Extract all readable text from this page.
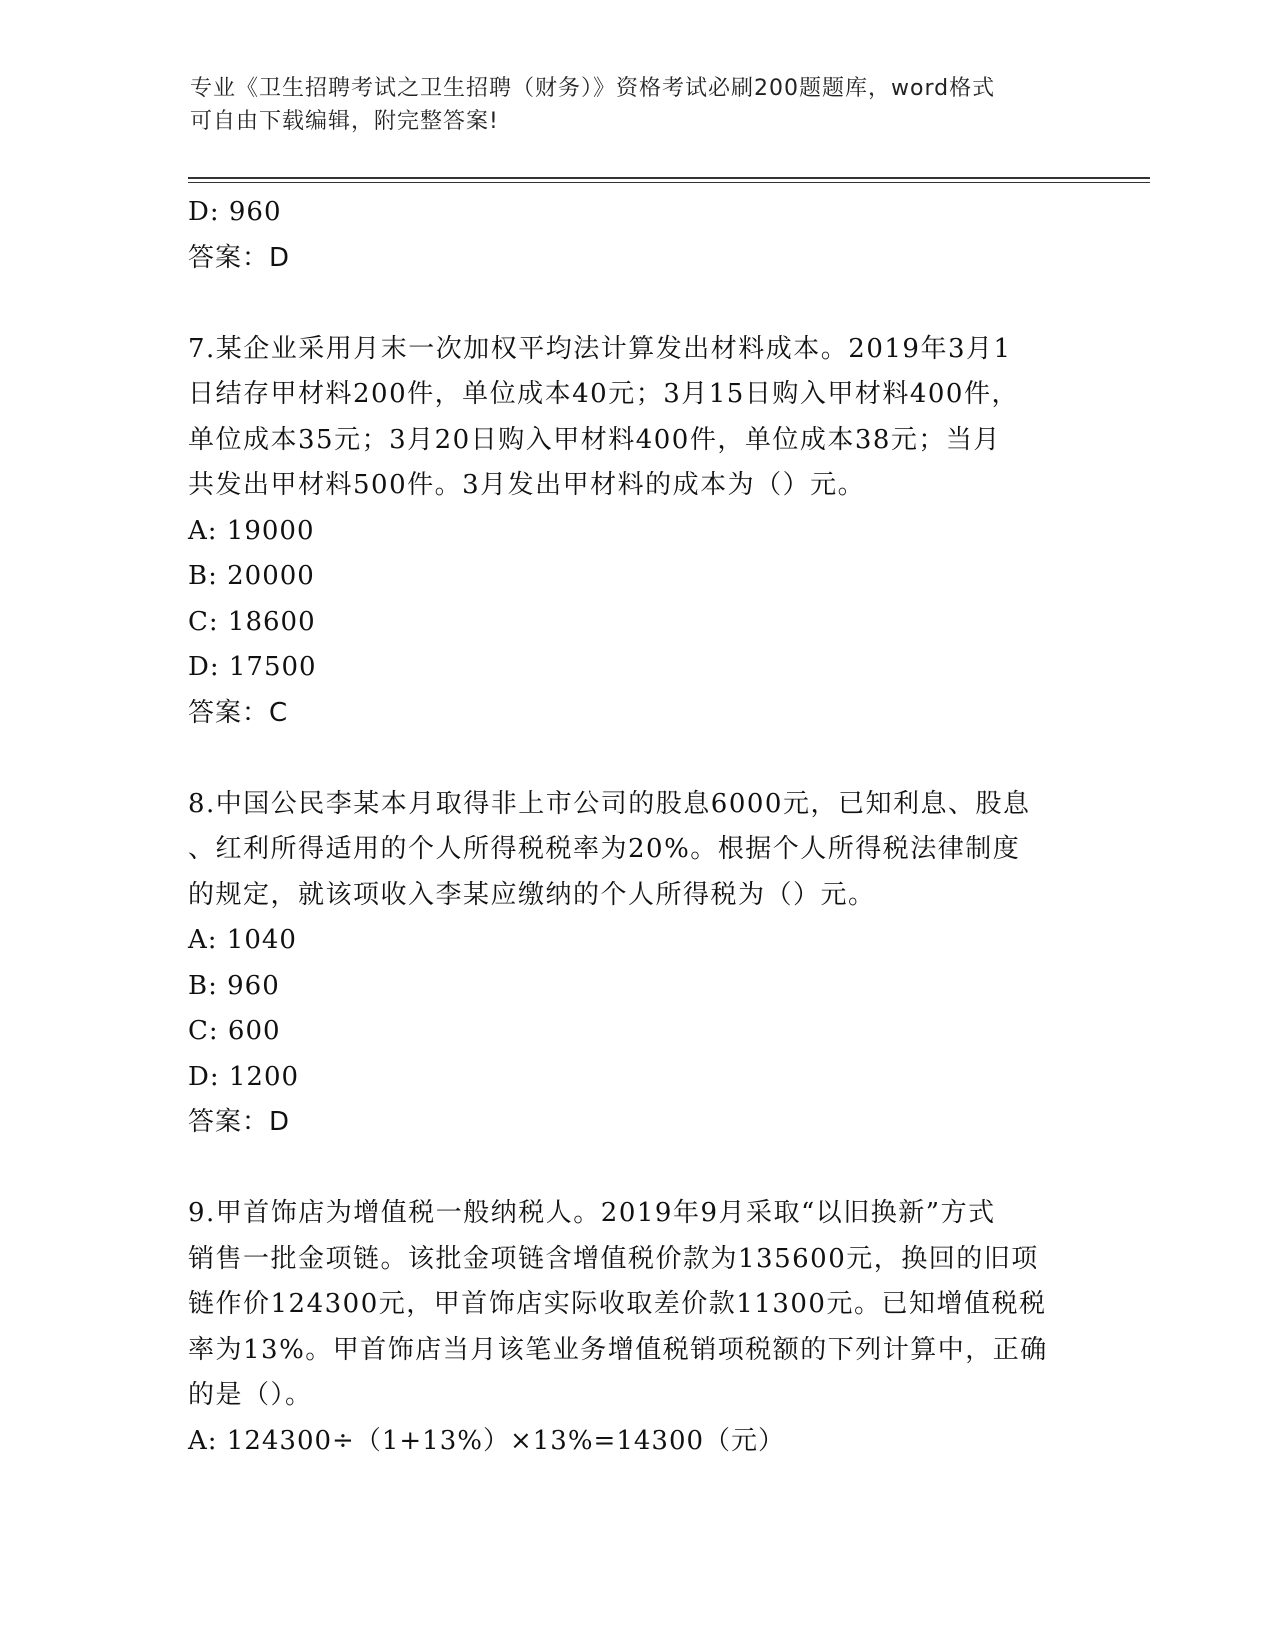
专业《卫生招聘考试之卫生招聘（财务）》资格考试必刷200题题库，word格式
可自由下载编辑，附完整答案!
D: 960
答案：D
7.某企业采用月末一次加权平均法计算发出材料成本。2019年3月1
日结存甲材料200件，单位成本40元；3月15日购入甲材料400件，
单位成本35元；3月20日购入甲材料400件，单位成本38元；当月
共发出甲材料500件。3月发出甲材料的成本为（）元。
A: 19000
B: 20000
C: 18600
D: 17500
答案：C
8.中国公民李某本月取得非上市公司的股息6000元，已知利息、股息
、红利所得适用的个人所得税税率为20%。根据个人所得税法律制度
的规定，就该项收入李某应缴纳的个人所得税为（）元。
A: 1040
B: 960
C: 600
D: 1200
答案：D
9.甲首饰店为增值税一般纳税人。2019年9月采取“以旧换新”方式
销售一批金项链。该批金项链含增值税价款为135600元，换回的旧项
链作价124300元，甲首饰店实际收取差价款11300元。已知增值税税
率为13%。甲首饰店当月该笔业务增值税销项税额的下列计算中，正确
的是（）。
A: 124300÷（1+13%）×13%=14300（元）
